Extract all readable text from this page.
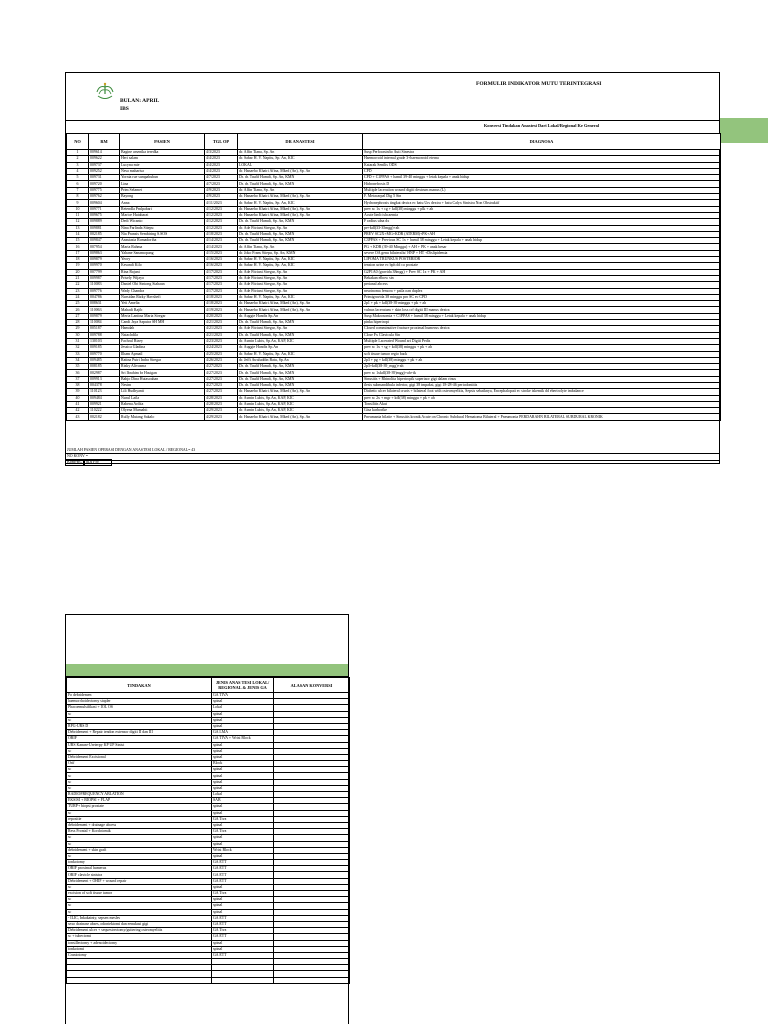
FORMULIR INDIKATOR MUTU TERINTEGRASI
BULAN: APRIL
IBS
Konversi Tindakan Anastesi Dari Lokal/Regional Ke General
NO	RM	PASIEN	TGL OP	DR ANASTESI	DIAGNOSA
1	009614	Bagine arsenika teredka	4/3/2023	dr. Affin Tiana, Sp. An	Susp Perforasinfio Auti Sinestra
2	009622	Heri salam	4/4/2023	dr. Sabar H. V. Napitu, Sp. An, KIC	Haemorroid internal grade 3+haemorroid eterna
3	009737	Lucyna mie	4/4/2023	LOKAL	Katarak Senilis ODS
4	009252	Nesa maharisa	4/4/2023	dr. Hanaeho Khairi Afina, Mked (An), Sp. An	CPD
5	009731	Yornia rue sampabubun	4/7/2023	Dr. dr. Taufif Hamdi, Sp. An, KMN	CPD + C1PPAS + hamil 39-40 minggu + letak kepala + anak hidup
6	009720	Lina	4/7/2023	Dr. dr. Taufif Hamdi, Sp. An, KMN	Hidronefrosis D
7	009775	Prim Selamet	4/9/2023	dr. Affin Tiana, Sp. An	Multiple laceration wound digiti dextrum manus (L)
8	009762	Bayong	4/9/2023	dr. Hanaeho Khairi Afina, Mked (An), Sp. An	F. Metacarpal Dig 5 Sin
9	009604	Anna	4/11/2023	dr. Sabar H. V. Napitu, Sp. An, KIC	Hydronephrosis tingkat dextra ec batu Urs dextra + batu Calyx Sinistra Non Obstruktif
10	009771	Retendla Pmlpabari	4/12/2023	dr. Hanaeho Khairi Afina, Mked (An), Sp. An	prev sc 1x + cg + kdl(38) minggu + plk + ah
11	009675	Marice Hutabarat	4/12/2023	dr. Hanaeho Khairi Afina, Mked (An), Sp. An	Acute limb ishcaemia
12	009889	Dedi Wicanto	4/12/2023	Dr. dr. Taufif Hamdi, Sp. An, KMN	F radius ulna dx
13	009881	Nina Farlinda Sitepu	4/12/2023	dr. Ade Fitriani Siregar, Sp. An	pe+kdl(33-35mgg)+ah
14	002185	Nia Pransis Sembiring S.SOS	4/18/2023	Dr. dr. Taufif Hamdi, Sp. An, KMN	PREV SC2X+MG+KDR (ATERM)+PK+AH
15	009847	Anastasia Romadoriha	4/14/2023	Dr. dr. Taufif Hamdi, Sp. An, KMN	C3PPAS + Previous SC 1x + hamil 38 minggu + Letak kepala + anak hidup
16	007954	Marta Rahma	4/14/2023	dr. Affin Tiana, Sp. An	PG + KDR (39-40 Minggu) + AH + PK + anak besar
17	009863	Yahane Sanamopang	4/15/2023	dr. Joko Frans Sitepu, Sp. An, KMN	severe OA genu bilateralis/ HNP + HT +Dislipidemia
18	009879	Yeory	4/16/2023	dr. Sabar H. V. Napitu, Sp. An, KIC	LIPOMA TRUNKUS POSTERIOR
19	009970	Kesandi Kilo	4/16/2023	dr. Sabar H. V. Napitu, Sp. An, KIC	tension urine ec bph dd ca prostate
20	007799	Rina Rajuni	4/17/2023	dr. Ade Fitriani Siregar, Sp. An	G2P1A0 (gravida 38mgg) + Prev SC 1x + PK + AH
21	009987	Prisely Wijaya	4/17/2023	dr. Ade Fitriani Siregar, Sp. An	Bekakan elbow sin
22	110083	Daniel Obi Sintong Siahaan	4/17/2023	dr. Ade Fitriani Siregar, Sp. An	perianal abcess
23	009776	Wady Chandra	4/17/2023	dr. Ade Fitriani Siregar, Sp. An	neurinoma femora + patla oan duplex
24	004786	Nursidan Rizky Havshefi	4/18/2023	dr. Sabar H. V. Napitu, Sp. An, KIC	Primigravida 38 minggu pro SC ec CPD
25	008631	Yeti Amelia	4/18/2023	dr. Hanaeho Khairi Afina, Mked (An), Sp. An	2p1 + pk + kdl(38-39 minggu + pk + ah
26	110063	Mahadi Rajib	4/19/2023	dr. Hanaeho Khairi Afina, Mked (An), Sp. An	vulnus laceratum + skin loss crf digiti III manus dextra
27	009879	Meria Lantina Maria Siregar	4/20/2023	dr. Auggie Handis Sp.An	Susp Makrosomia + C1PPAS + hamil 38 minggu + Letak kepala + anak hidup
28	110084	Candi Jaya Saputra SH MH	4/21/2023	Dr. dr. Taufif Hamdi, Sp. An, KMN	pinka hipertropi
29	005187	Hamdah	4/21/2023	dr. Ade Fitriani Siregar, Sp. An	Closed comminutive fracture proximal humerus dextra
30	009788	Natachdila	4/21/2023	Dr. dr. Taufif Hamdi, Sp. An, KMN	Close Fx Clavicula Sin
31	130103	Fachrul Rizey	4/23/2023	dr. Asmin Lubis, Sp.An, KAP, KIC	Multiple Lacerated Wound art Digiti Pedis
32	009185	Jessica Gladina	4/24/2023	dr. Auggie Handis Sp.An	prev sc 1x + sg + kdl(38) minggu + pk + ah
33	009770	Ilham Apmail	4/25/2023	dr. Sabar H. V. Napitu, Sp. An, KIC	soft tissue tumor regio back
34	009485	Ratina Putri Indra Siregar	4/26/2023	dr. Jeffi Awaluddin Batu, Sp.An	2p3 + pg + kdl(38) minggu + pk + ah
35	008185	Rizky Alivasma	4/27/2023	Dr. dr. Taufif Hamdi, Sp. An, KMN	2p3+kdl(38-39_mgg)+ah
36	002987	Sri Ibrahim br Hasigan	4/27/2023	Dr. dr. Taufif Hamdi, Sp. An, KMN	prev sc 1xkdl(38-39)mgg)+ah+tk
37	009913	Bahjo Dina Hutasoahan	4/27/2023	Dr. dr. Taufif Hamdi, Sp. An, KMN	Sinusitis + Rhinolita hipertropik superiaor gigi dalam rinus
38	004378	Nesim	4/27/2023	Dr. dr. Taufif Hamdi, Sp. An, KMN	ilesis submandibula inferior, gigi 38 impaksi, gigi 18-28-46 periodontitis
39	110123	Lili Hudhyanti	4/27/2023	dr. Hanaeho Khairi Afina, Mked (An), Sp. An	Diabetic ulcer bilateral cruris + bilateral foot with osteomyelitis, Sepsis sebaiknya, Encephalopati ec stroke iskemik dd ebertrolyte imbalance
40	009484	Nurul Laila	4/28/2023	dr. Asmin Lubis, Sp.An, KAP, KIC	prev sc 2x + mgr + kdl(38) minggu + pk + ah
41	009921	Rabena Ardita	4/28/2023	dr. Asmin Lubis, Sp.An, KAP, KIC	Tonsilitis Akut
42	110222	Olyena Mumahti	4/29/2023	dr. Asmin Lubis, Sp.An, KAP, KIC	Gisa karborike
43	002182	Rully Mutang Sakalo	4/29/2023	dr. Hanaeho Khairi Afina, Mked (An), Sp. An	Pneumania bilatie + Sinusitis kronik Acute on Chronic Subdural Hematoma Bilateral + Pneumonia PERDARAHN BILATERAL SUBDURAL KRONIK
JUMLAH PASIEN OPERASI DENGAN ANASTESI LOKAL / REGIONAL= 43
NO KONV =
Konv/KC #DIV/0!
TINDAKAN	JENIS ANAS TESI LOKAL/ REGIONAL & JENIS GA	ALASAN KONVERSI
Fo debridemen	GA TIVA	
haemorrhoidectomy stapler	spinal	
Phacoemulsifikasi + IOL OS	Lokal	
sc	spinal	
sc	spinal	
RPG-URS D	spinal	
Debridement + Repair tendon extensor digiti II dan III	GA LMA	
ORIF	GA TIVA + Wrist Block	
URS Kanan+Ureterpy KP UP Sinist	spinal	
sc	spinal	
Debridement Excisional	spinal	
Orif	Block	
sc	spinal	
sc	spinal	
sc	spinal	
sc	spinal	
RADIOFREQUENCY ABLATION	Lokal	
EKSISI + BIOPSI + FLAP	SAB	
TURP+ biopsi prostate	spinal	
sc	spinal	
repositie	GA Tiva	
debridement + drainage abcess	spinal	
Ress Frontal + Kordotomik	GA Tiva	
sc	spinal	
sc	spinal	
debridement + skin graft	Wrist Block	
sc	spinal	
tonkotomy	GA ETT	
ORIF proximal humerus	GA ETT	
ORIF clavicle sinistra	GA ETT	
Debridement + OHIF + wound repair	GA ETT	
sc	spinal	
excision of soft tissue tumor	GA Tiva	
sc	spinal	
sc	spinal	
sc	spinal	
- ILIC, Inkakainty, sepsen mesles	GA ETT	
sexo drainase abses, odontektomi dan eenukasi gigi	GA ETT	
Debridement ulcer + sequestrectomy/guttering osteomyelitis	GA Tiva	
sc + tubectomi	GA ETT	
tonsillectomy + adenoidectomy	spinal	
tonkotomi	spinal	
Craniotomy	GA ETT	
